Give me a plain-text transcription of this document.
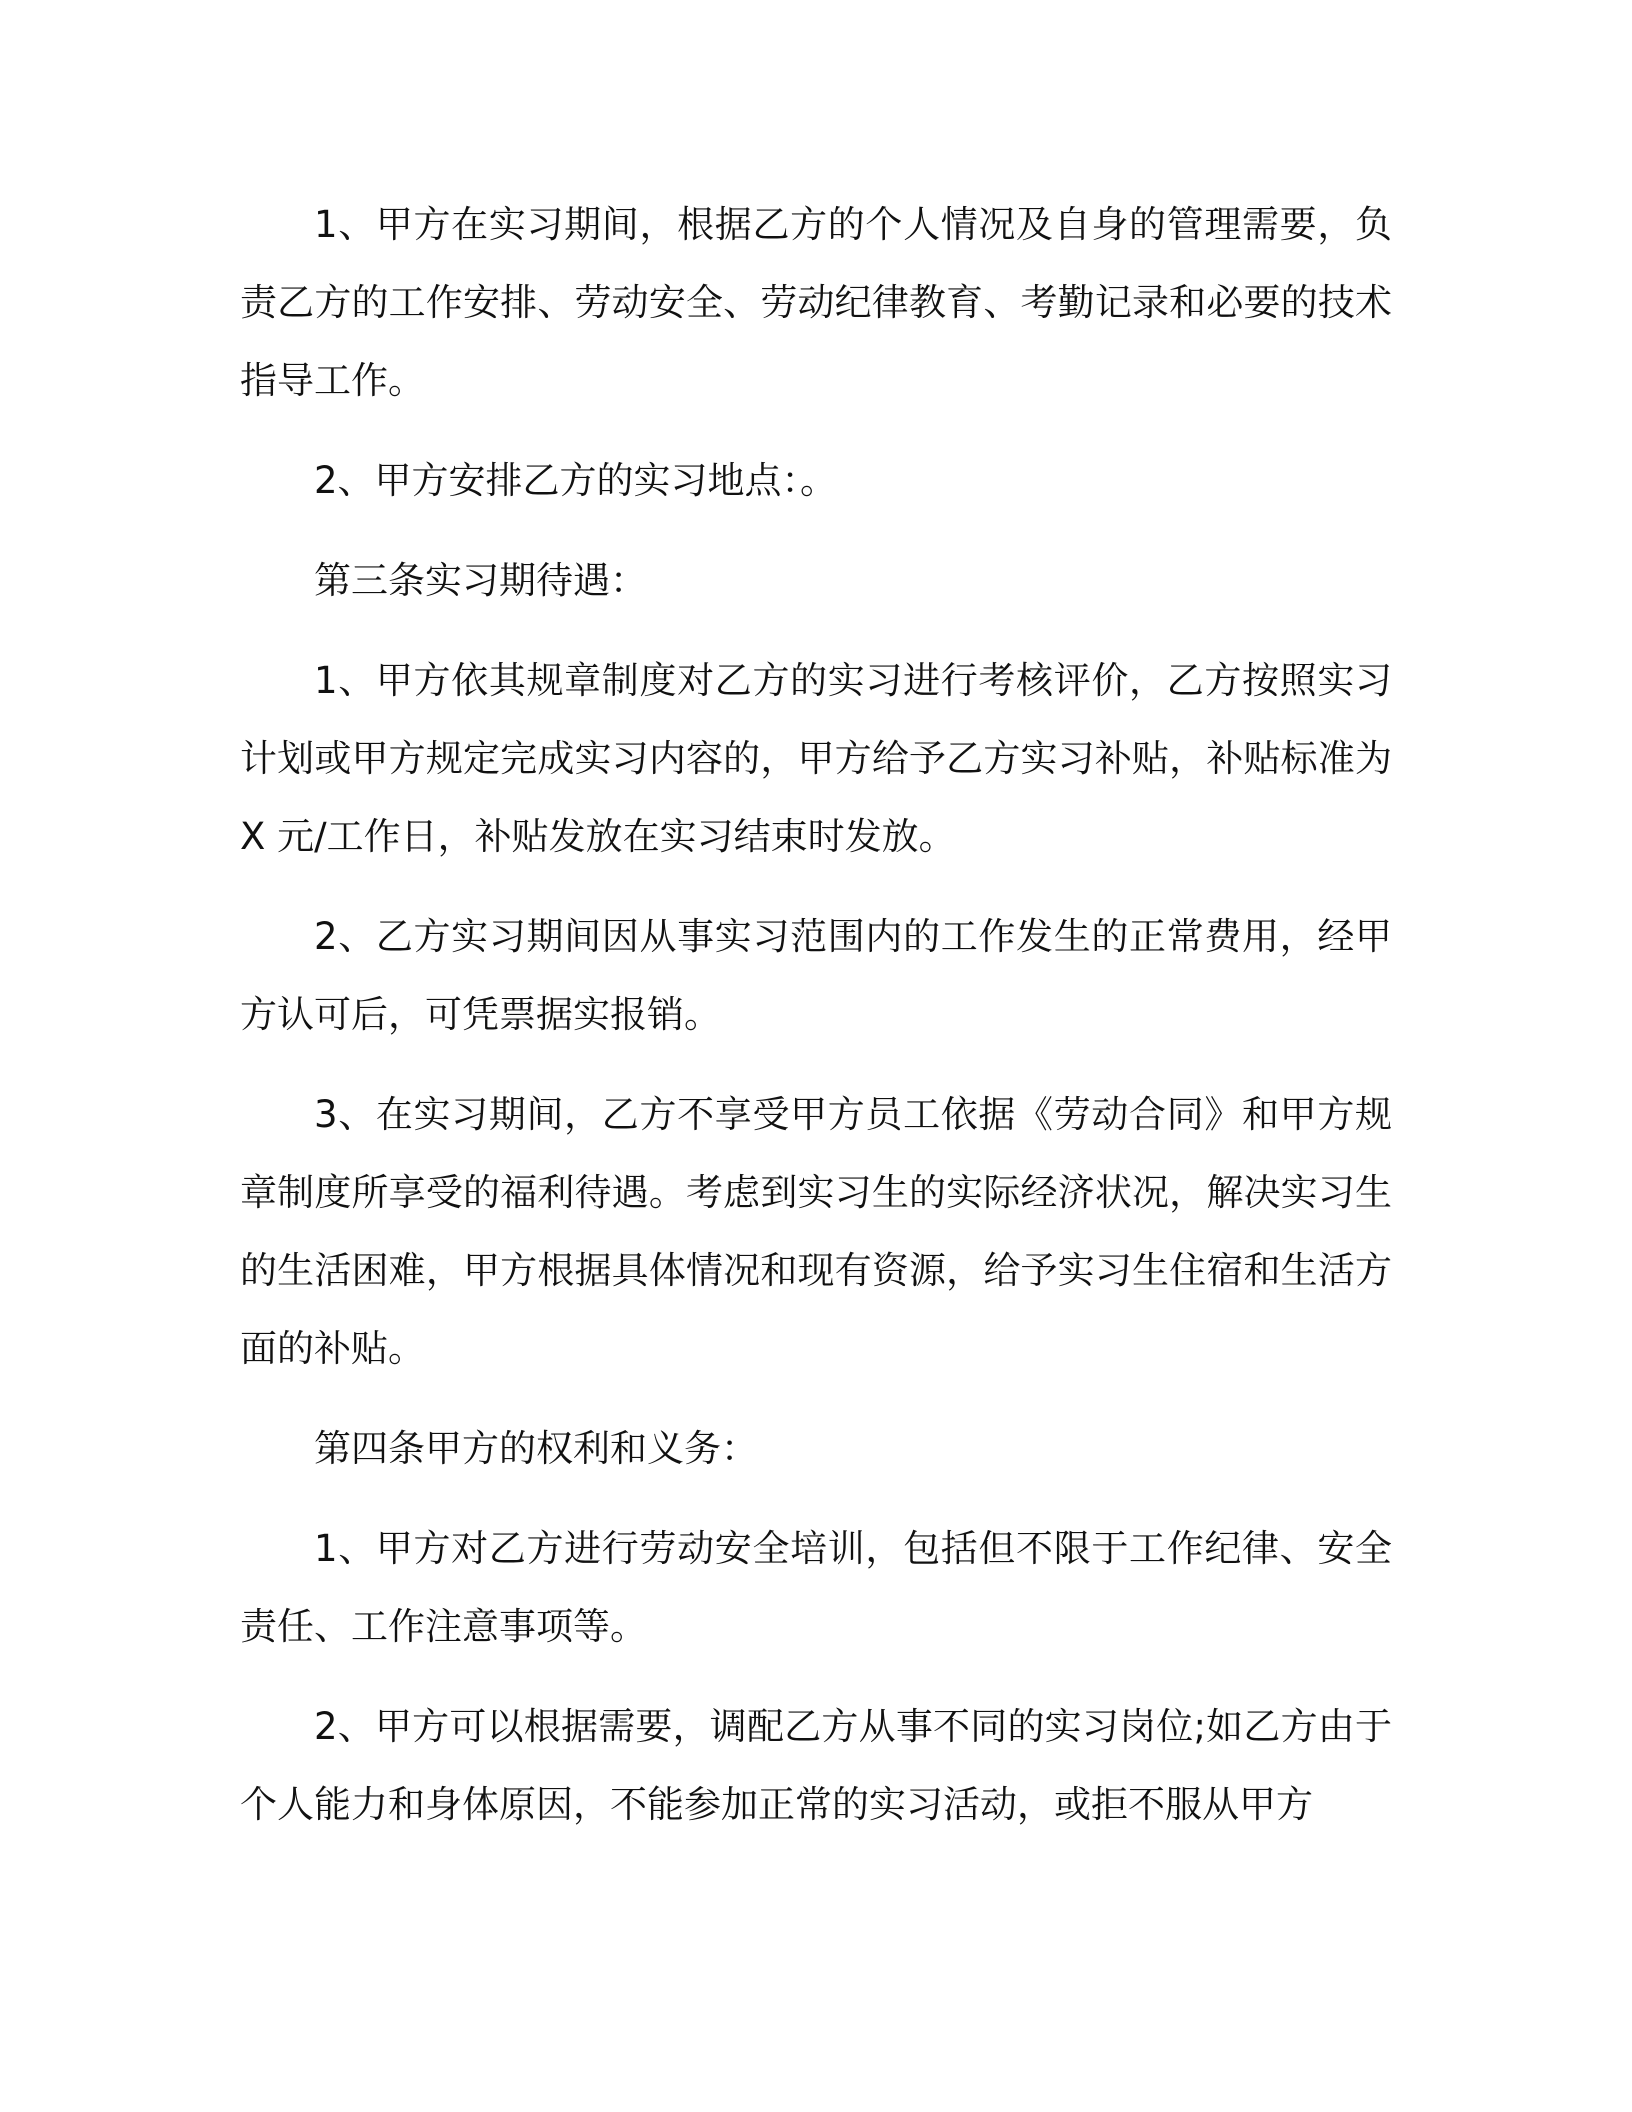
1、甲方在实习期间，根据乙方的个人情况及自身的管理需要，负责乙方的工作安排、劳动安全、劳动纪律教育、考勤记录和必要的技术指导工作。

2、甲方安排乙方的实习地点：。

第三条实习期待遇：

1、甲方依其规章制度对乙方的实习进行考核评价，乙方按照实习计划或甲方规定完成实习内容的，甲方给予乙方实习补贴，补贴标准为 X 元/工作日，补贴发放在实习结束时发放。

2、乙方实习期间因从事实习范围内的工作发生的正常费用，经甲方认可后，可凭票据实报销。

3、在实习期间，乙方不享受甲方员工依据《劳动合同》和甲方规章制度所享受的福利待遇。考虑到实习生的实际经济状况，解决实习生的生活困难，甲方根据具体情况和现有资源，给予实习生住宿和生活方面的补贴。

第四条甲方的权利和义务：

1、甲方对乙方进行劳动安全培训，包括但不限于工作纪律、安全责任、工作注意事项等。

2、甲方可以根据需要，调配乙方从事不同的实习岗位;如乙方由于个人能力和身体原因，不能参加正常的实习活动，或拒不服从甲方
